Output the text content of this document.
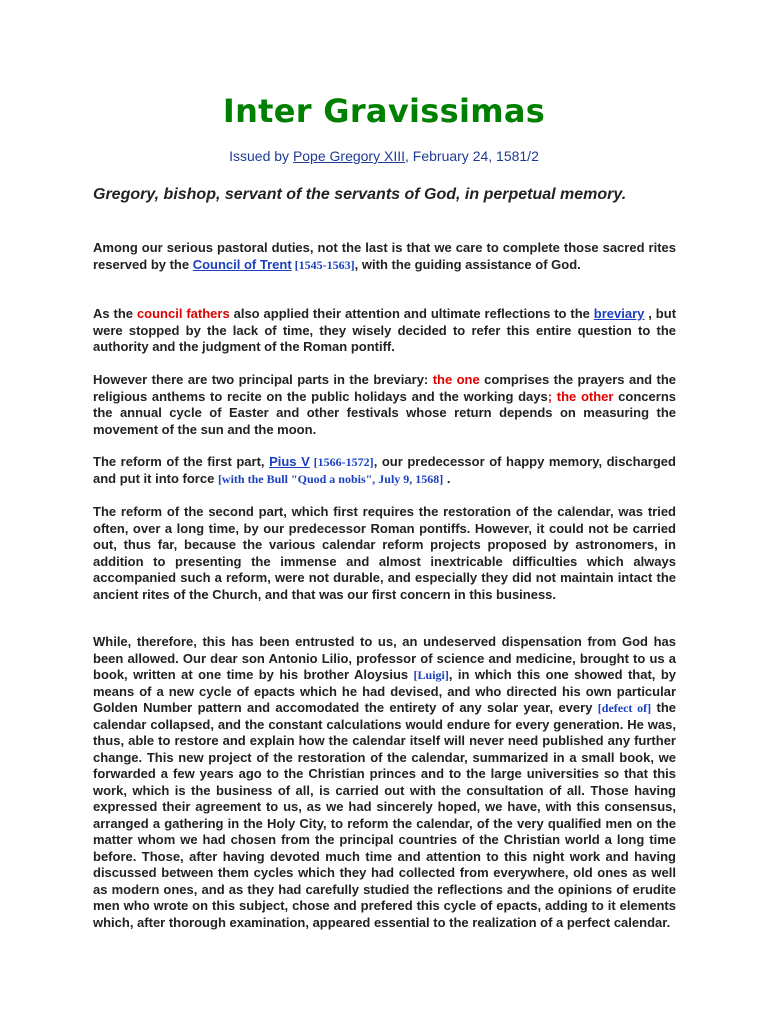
Inter Gravissimas
Issued by Pope Gregory XIII, February 24, 1581/2

Gregory, bishop, servant of the servants of God, in perpetual memory.

Among our serious pastoral duties, not the last is that we care to complete those sacred rites reserved by the Council of Trent [1545-1563], with the guiding assistance of God.

As the council fathers also applied their attention and ultimate reflections to the breviary , but were stopped by the lack of time, they wisely decided to refer this entire question to the authority and the judgment of the Roman pontiff.

However there are two principal parts in the breviary: the one comprises the prayers and the religious anthems to recite on the public holidays and the working days; the other concerns the annual cycle of Easter and other festivals whose return depends on measuring the movement of the sun and the moon.

The reform of the first part, Pius V [1566-1572], our predecessor of happy memory, discharged and put it into force [with the Bull "Quod a nobis", July 9, 1568] .

The reform of the second part, which first requires the restoration of the calendar, was tried often, over a long time, by our predecessor Roman pontiffs. However, it could not be carried out, thus far, because the various calendar reform projects proposed by astronomers, in addition to presenting the immense and almost inextricable difficulties which always accompanied such a reform, were not durable, and especially they did not maintain intact the ancient rites of the Church, and that was our first concern in this business.

While, therefore, this has been entrusted to us, an undeserved dispensation from God has been allowed. Our dear son Antonio Lilio, professor of science and medicine, brought to us a book, written at one time by his brother Aloysius [Luigi], in which this one showed that, by means of a new cycle of epacts which he had devised, and who directed his own particular Golden Number pattern and accomodated the entirety of any solar year, every [defect of] the calendar collapsed, and the constant calculations would endure for every generation. He was, thus, able to restore and explain how the calendar itself will never need published any further change. This new project of the restoration of the calendar, summarized in a small book, we forwarded a few years ago to the Christian princes and to the large universities so that this work, which is the business of all, is carried out with the consultation of all. Those having expressed their agreement to us, as we had sincerely hoped, we have, with this consensus, arranged a gathering in the Holy City, to reform the calendar, of the very qualified men on the matter whom we had chosen from the principal countries of the Christian world a long time before. Those, after having devoted much time and attention to this night work and having discussed between them cycles which they had collected from everywhere, old ones as well as modern ones, and as they had carefully studied the reflections and the opinions of erudite men who wrote on this subject, chose and prefered this cycle of epacts, adding to it elements which, after thorough examination, appeared essential to the realization of a perfect calendar.
